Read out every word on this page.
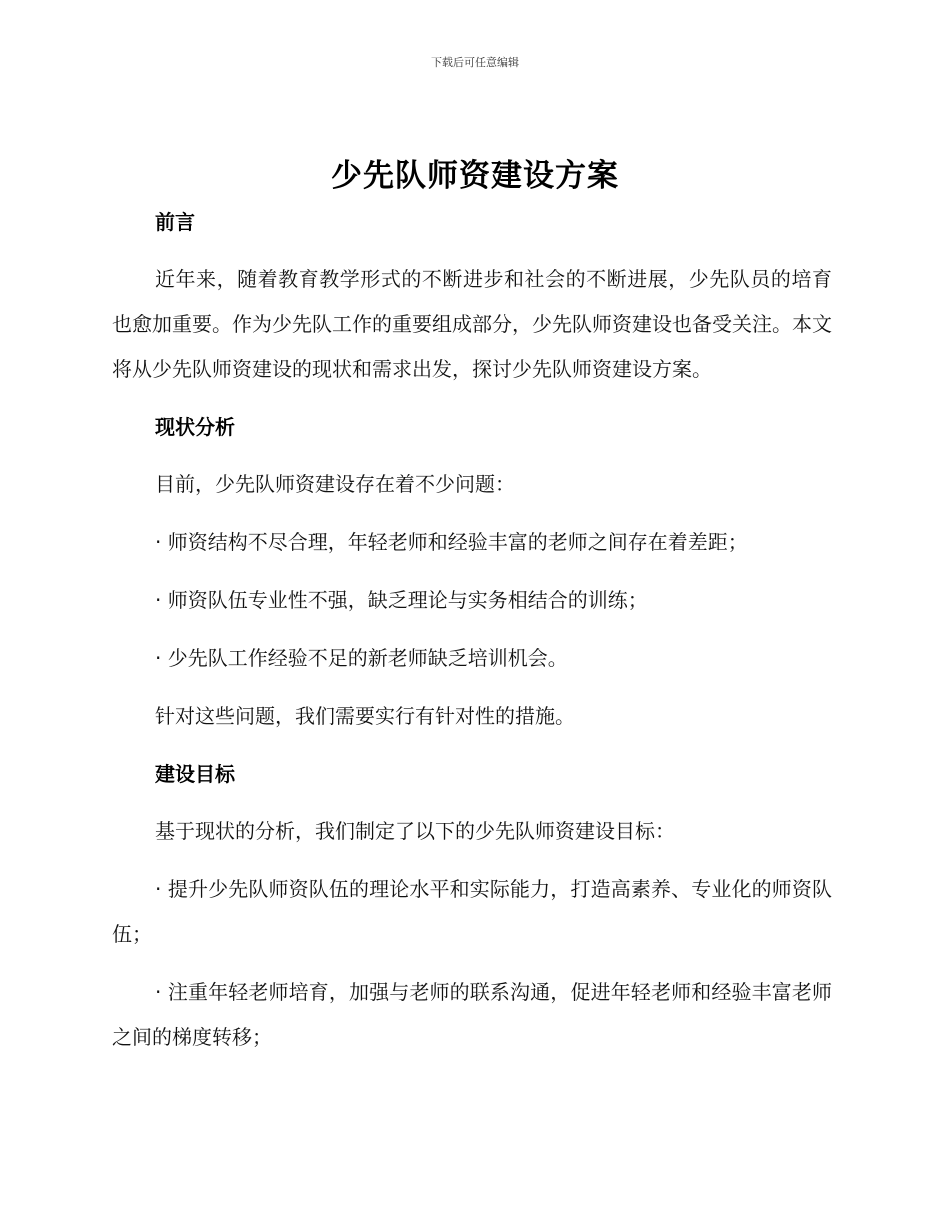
下载后可任意编辑
少先队师资建设方案
前言

近年来，随着教育教学形式的不断进步和社会的不断进展，少先队员的培育也愈加重要。作为少先队工作的重要组成部分，少先队师资建设也备受关注。本文将从少先队师资建设的现状和需求出发，探讨少先队师资建设方案。

现状分析

目前，少先队师资建设存在着不少问题：

· 师资结构不尽合理，年轻老师和经验丰富的老师之间存在着差距；

· 师资队伍专业性不强，缺乏理论与实务相结合的训练；

· 少先队工作经验不足的新老师缺乏培训机会。

针对这些问题，我们需要实行有针对性的措施。

建设目标

基于现状的分析，我们制定了以下的少先队师资建设目标：

· 提升少先队师资队伍的理论水平和实际能力，打造高素养、专业化的师资队伍；

· 注重年轻老师培育，加强与老师的联系沟通，促进年轻老师和经验丰富老师之间的梯度转移；
